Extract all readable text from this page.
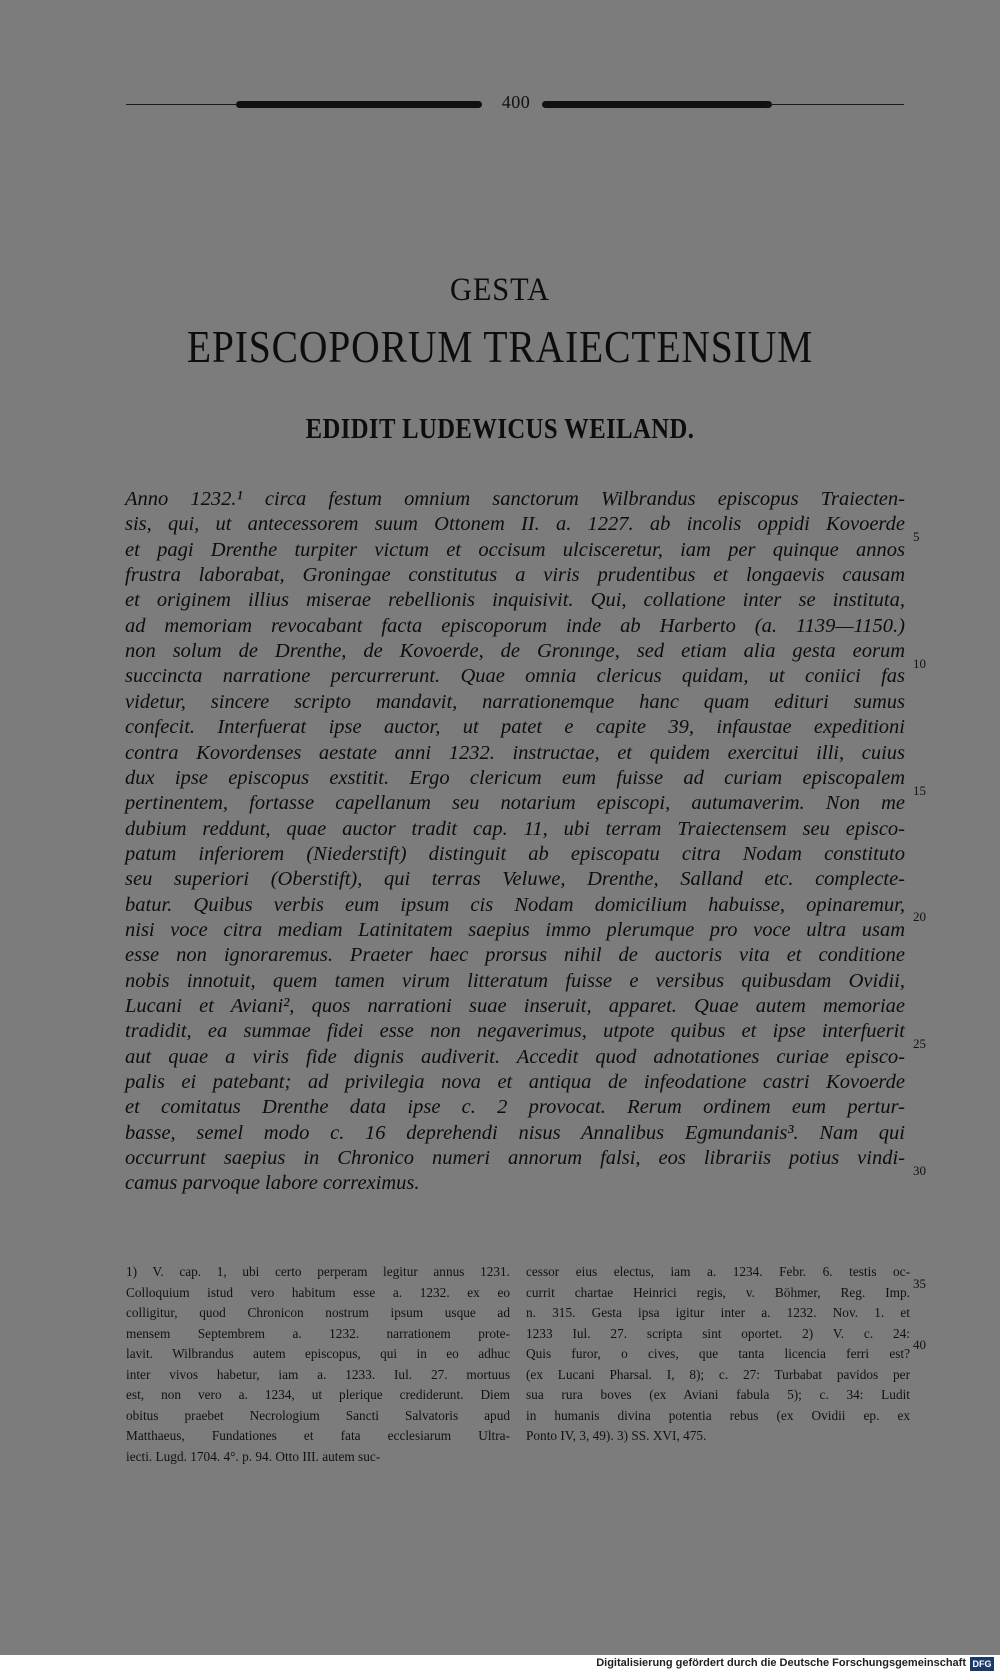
400
GESTA
EPISCOPORUM TRAIECTENSIUM
EDIDIT LUDEWICUS WEILAND.
Anno 1232.¹ circa festum omnium sanctorum Wilbrandus episcopus Traiecten-
sis, qui, ut antecessorem suum Ottonem II. a. 1227. ab incolis oppidi Kovoerde
et pagi Drenthe turpiter victum et occisum ulcisceretur, iam per quinque annos
frustra laborabat, Groningae constitutus a viris prudentibus et longaevis causam
et originem illius miserae rebellionis inquisivit. Qui, collatione inter se instituta,
ad memoriam revocabant facta episcoporum inde ab Harberto (a. 1139—1150.)
non solum de Drenthe, de Kovoerde, de Gronınge, sed etiam alia gesta eorum
succincta narratione percurrerunt. Quae omnia clericus quidam, ut coniici fas
videtur, sincere scripto mandavit, narrationemque hanc quam edituri sumus
confecit. Interfuerat ipse auctor, ut patet e capite 39, infaustae expeditioni
contra Kovordenses aestate anni 1232. instructae, et quidem exercitui illi, cuius
dux ipse episcopus exstitit. Ergo clericum eum fuisse ad curiam episcopalem
pertinentem, fortasse capellanum seu notarium episcopi, autumaverim. Non me
dubium reddunt, quae auctor tradit cap. 11, ubi terram Traiectensem seu episco-
patum inferiorem (Niederstift) distinguit ab episcopatu citra Nodam constituto
seu superiori (Oberstift), qui terras Veluwe, Drenthe, Salland etc. complecte-
batur. Quibus verbis eum ipsum cis Nodam domicilium habuisse, opinaremur,
nisi voce citra mediam Latinitatem saepius immo plerumque pro voce ultra usam
esse non ignoraremus. Praeter haec prorsus nihil de auctoris vita et conditione
nobis innotuit, quem tamen virum litteratum fuisse e versibus quibusdam Ovidii,
Lucani et Aviani², quos narrationi suae inseruit, apparet. Quae autem memoriae
tradidit, ea summae fidei esse non negaverimus, utpote quibus et ipse interfuerit
aut quae a viris fide dignis audiverit. Accedit quod adnotationes curiae episco-
palis ei patebant; ad privilegia nova et antiqua de infeodatione castri Kovoerde
et comitatus Drenthe data ipse c. 2 provocat. Rerum ordinem eum pertur-
basse, semel modo c. 16 deprehendi nisus Annalibus Egmundanis³. Nam qui
occurrunt saepius in Chronico numeri annorum falsi, eos librariis potius vindi-
camus parvoque labore correximus.
5
10
15
20
25
30
35
40
1) V. cap. 1, ubi certo perperam legitur annus 1231.
Colloquium istud vero habitum esse a. 1232. ex eo
colligitur, quod Chronicon nostrum ipsum usque ad
mensem Septembrem a. 1232. narrationem prote-
lavit. Wilbrandus autem episcopus, qui in eo adhuc
inter vivos habetur, iam a. 1233. Iul. 27. mortuus
est, non vero a. 1234, ut plerique crediderunt. Diem
obitus praebet Necrologium Sancti Salvatoris apud
Matthaeus, Fundationes et fata ecclesiarum Ultra-
iecti. Lugd. 1704. 4°. p. 94. Otto III. autem suc-
cessor eius electus, iam a. 1234. Febr. 6. testis oc-
currit chartae Heinrici regis, v. Böhmer, Reg. Imp.
n. 315. Gesta ipsa igitur inter a. 1232. Nov. 1. et
1233 Iul. 27. scripta sint oportet. 2) V. c. 24:
Quis furor, o cives, que tanta licencia ferri est?
(ex Lucani Pharsal. I, 8); c. 27: Turbabat pavidos per
sua rura boves (ex Aviani fabula 5); c. 34: Ludit
in humanis divina potentia rebus (ex Ovidii ep. ex
Ponto IV, 3, 49). 3) SS. XVI, 475.
Digitalisierung gefördert durch die Deutsche Forschungsgemeinschaft DFG
